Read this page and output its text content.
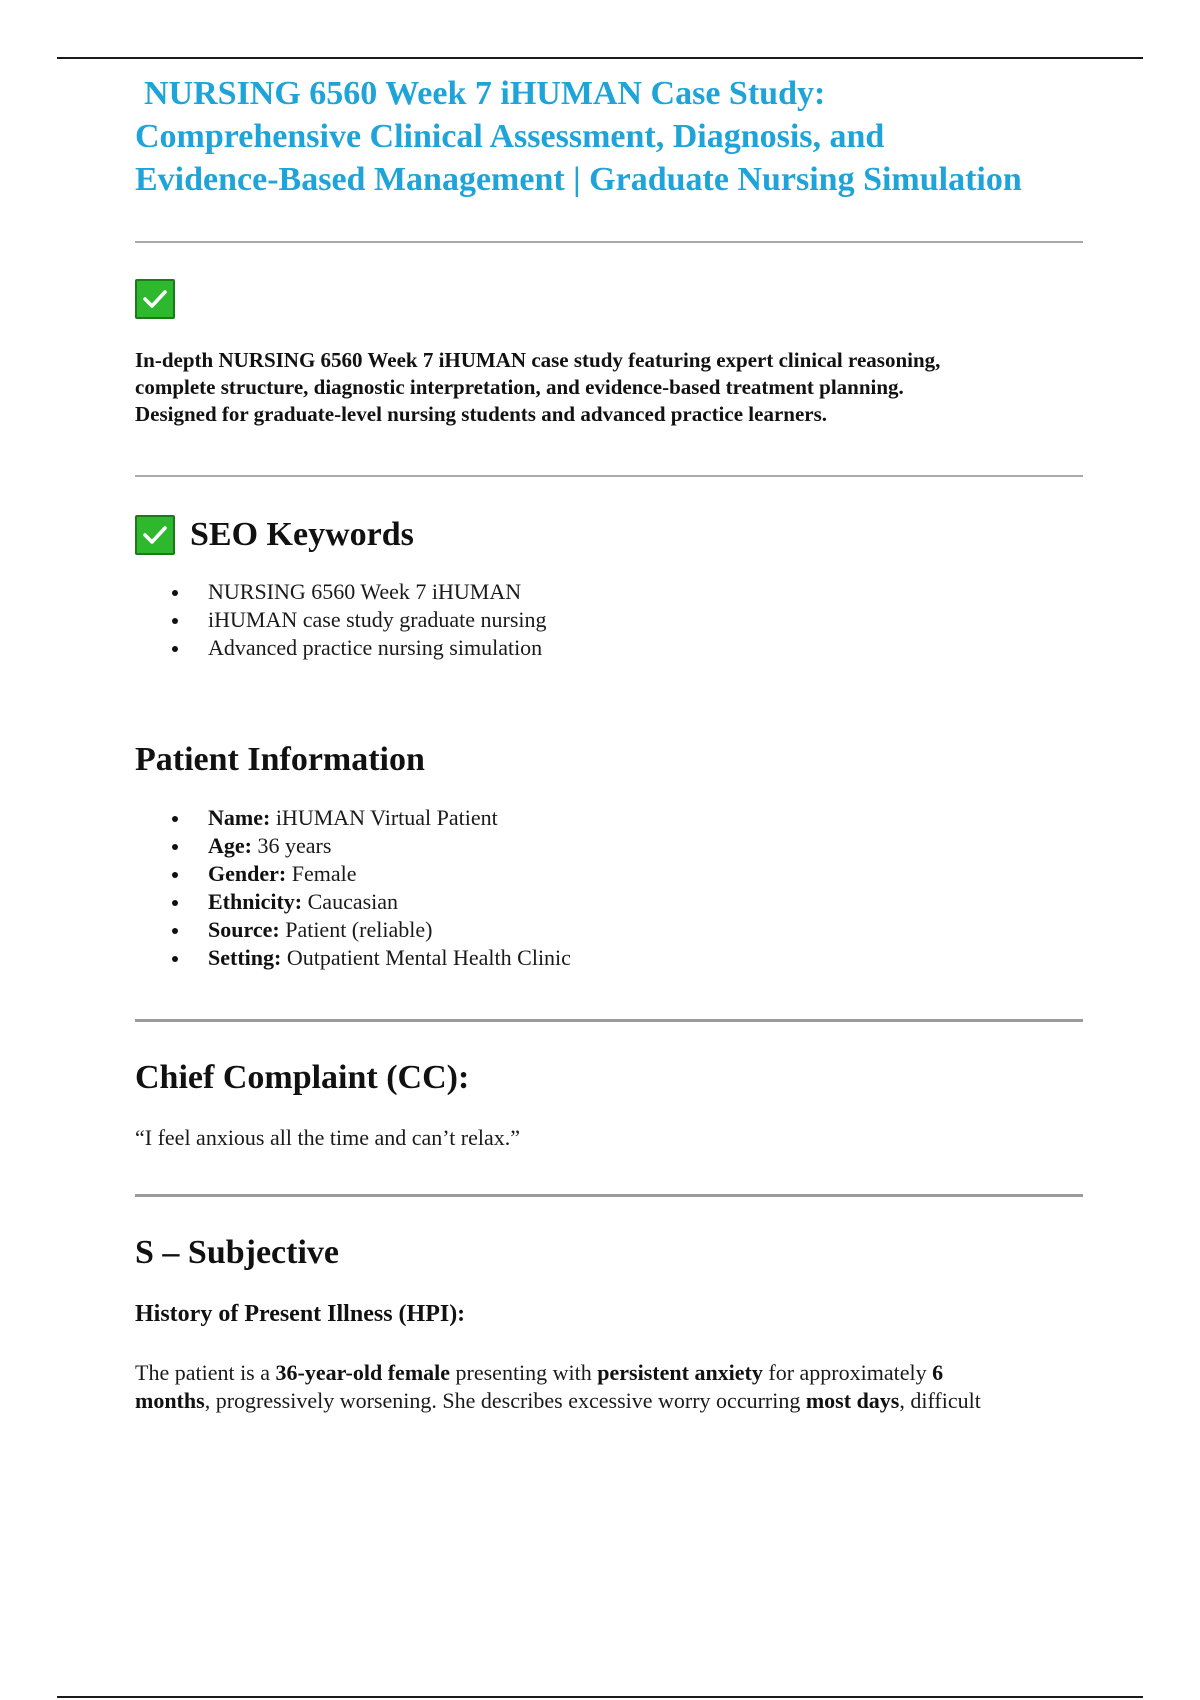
NURSING 6560 Week 7 iHUMAN Case Study:
Comprehensive Clinical Assessment, Diagnosis, and
Evidence-Based Management | Graduate Nursing Simulation

In-depth NURSING 6560 Week 7 iHUMAN case study featuring expert clinical reasoning,
complete structure, diagnostic interpretation, and evidence-based treatment planning.
Designed for graduate-level nursing students and advanced practice learners.

SEO Keywords
NURSING 6560 Week 7 iHUMAN
iHUMAN case study graduate nursing
Advanced practice nursing simulation
Patient Information
Name: iHUMAN Virtual Patient
Age: 36 years
Gender: Female
Ethnicity: Caucasian
Source: Patient (reliable)
Setting: Outpatient Mental Health Clinic
Chief Complaint (CC):

“I feel anxious all the time and can’t relax.”

S – Subjective
History of Present Illness (HPI):

The patient is a 36-year-old female presenting with persistent anxiety for approximately 6
months, progressively worsening. She describes excessive worry occurring most days, difficult
